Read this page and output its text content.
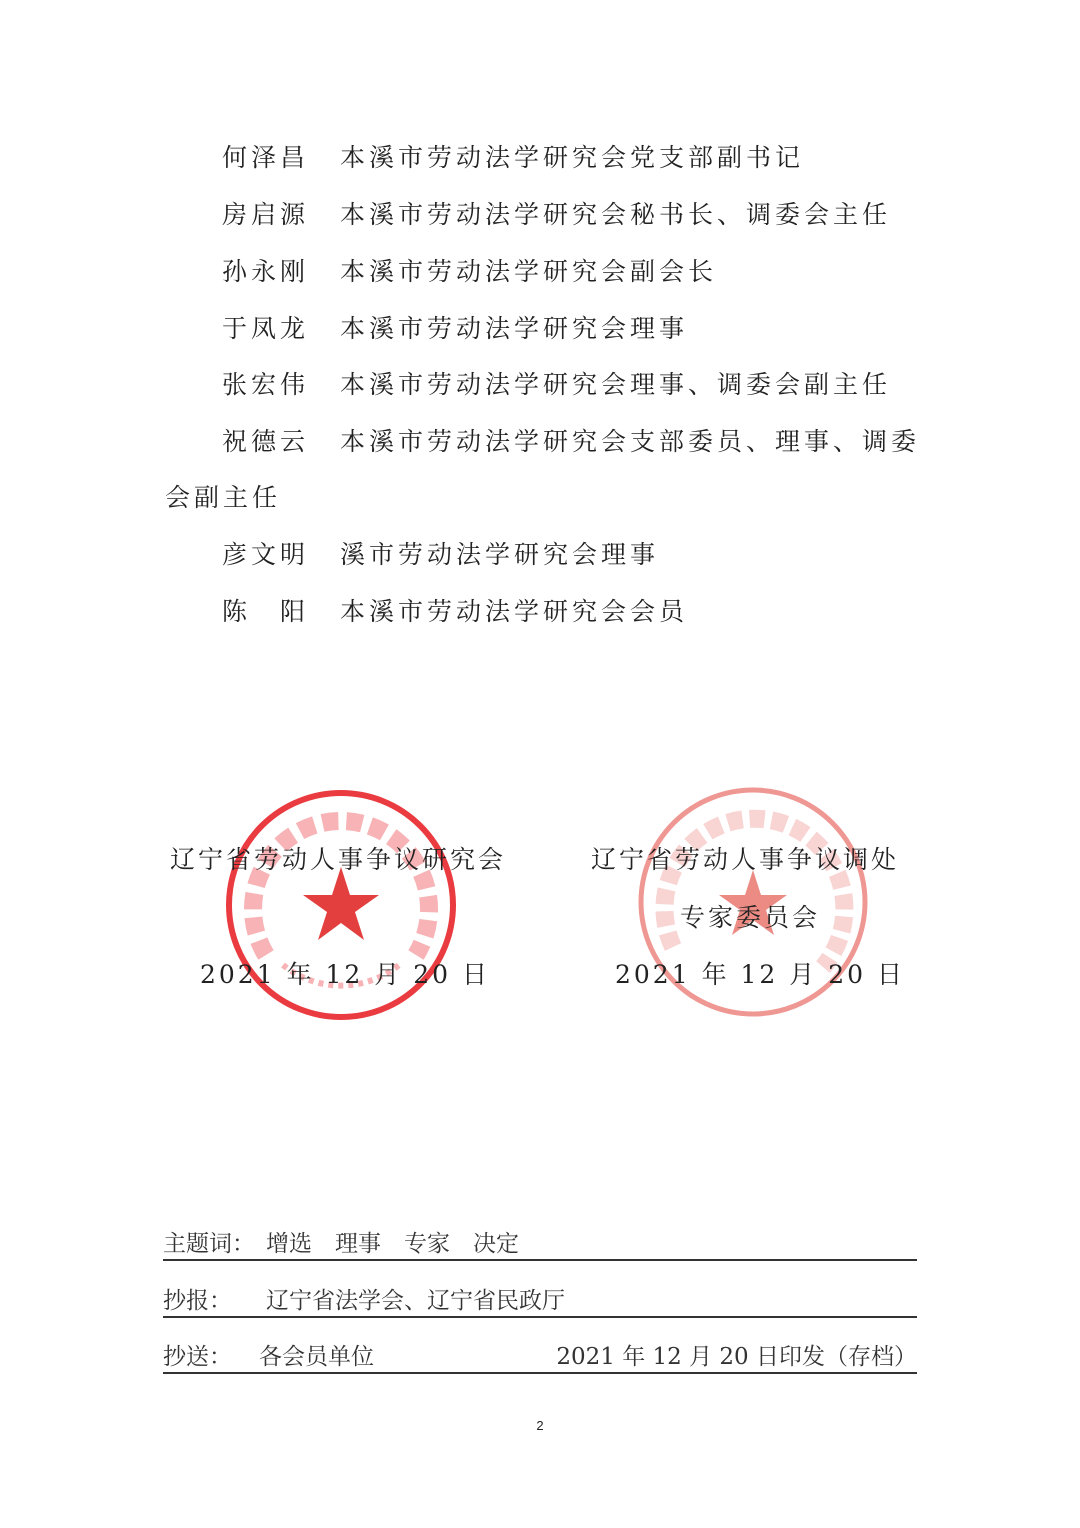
何泽昌 本溪市劳动法学研究会党支部副书记
房启源 本溪市劳动法学研究会秘书长、调委会主任
孙永刚 本溪市劳动法学研究会副会长
于凤龙 本溪市劳动法学研究会理事
张宏伟 本溪市劳动法学研究会理事、调委会副主任
祝德云 本溪市劳动法学研究会支部委员、理事、调委
会副主任
彦文明 溪市劳动法学研究会理事
陈　阳 本溪市劳动法学研究会会员
辽宁省劳动人事争议研究会
2021 年 12 月 20 日
辽宁省劳动人事争议调处
专家委员会
2021 年 12 月 20 日
主题词： 增选　理事　专家　决定
抄报： 辽宁省法学会、辽宁省民政厅
抄送： 各会员单位	2021 年 12 月 20 日印发（存档）
2
